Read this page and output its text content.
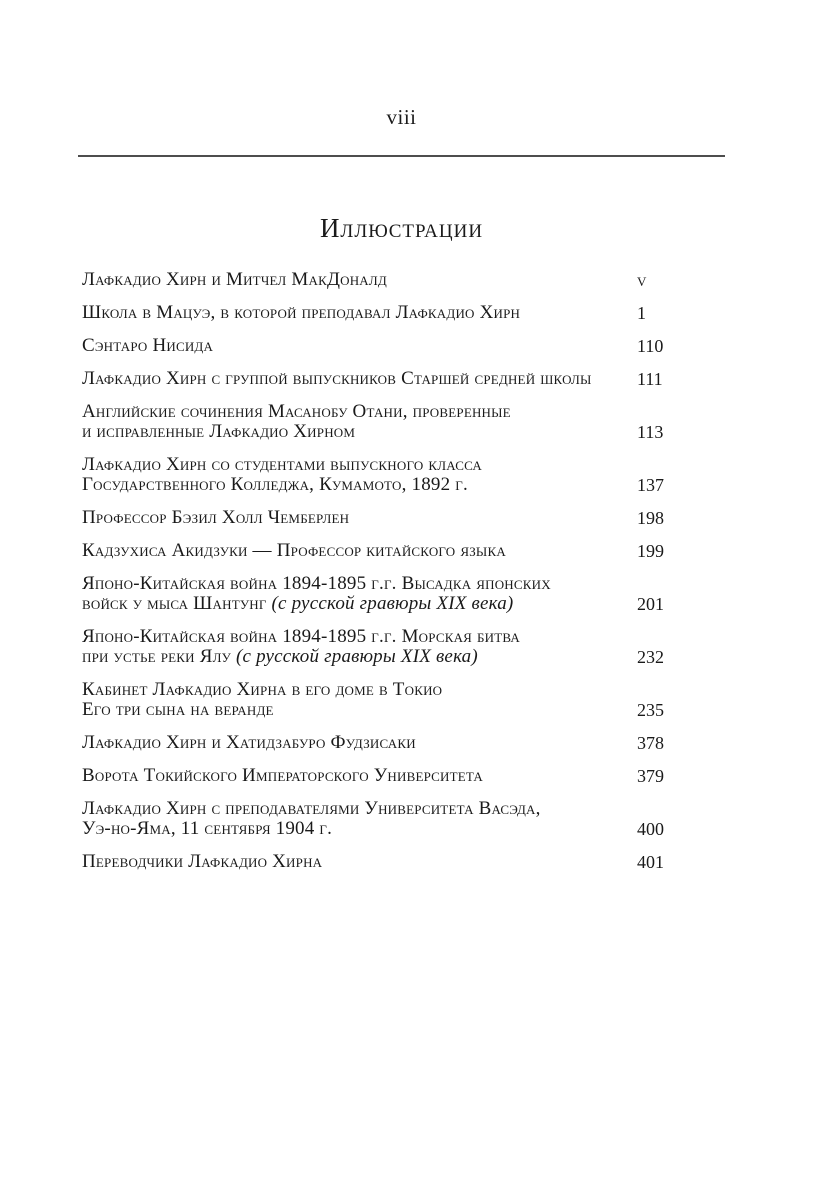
viii
Иллюстрации
Лафкадио Хирн и Митчел МакДоналд	v
Школа в Мацуэ, в которой преподавал Лафкадио Хирн	1
Сэнтаро Нисида	110
Лафкадио Хирн с группой выпускников Старшей средней школы	111
Английские сочинения Масанобу Отани, проверенные
и исправленные Лафкадио Хирном	113
Лафкадио Хирн со студентами выпускного класса
Государственного Колледжа, Кумамото, 1892 г.	137
Профессор Бэзил Холл Чемберлен	198
Кадзухиса Акидзуки — Профессор китайского языка	199
Японо-Китайская война 1894-1895 г.г. Высадка японских
войск у мыса Шантунг (с русской гравюры XIX века)	201
Японо-Китайская война 1894-1895 г.г. Морская битва
при устье реки Ялу (с русской гравюры XIX века)	232
Кабинет Лафкадио Хирна в его доме в Токио
Его три сына на веранде	235
Лафкадио Хирн и Хатидзабуро Фудзисаки	378
Ворота Токийского Императорского Университета	379
Лафкадио Хирн с преподавателями Университета Васэда,
Уэ-но-Яма, 11 сентября 1904 г.	400
Переводчики Лафкадио Хирна	401
